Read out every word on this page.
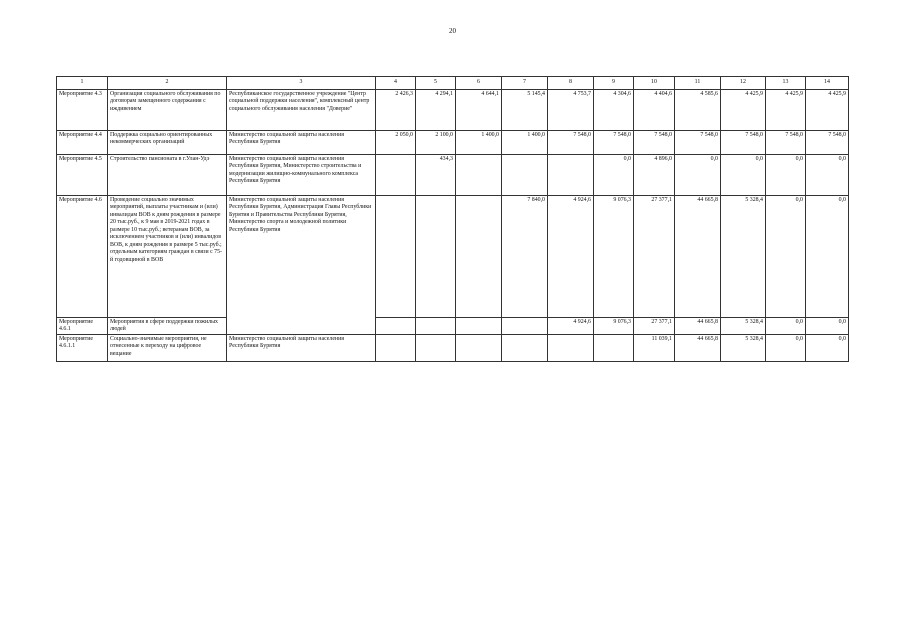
20
1	2	3	4	5	6	7	8	9	10	11	12	13	14
Мероприятие 4.3	Организация социального обслуживания по договорам замещенного содержания с иждивением	Республиканское государственное учреждение "Центр социальной поддержки населения", комплексный центр социального обслуживания населения "Доверие"	2 426,3	4 294,1	4 644,1	5 145,4	4 753,7	4 304,6	4 404,6	4 585,6	4 425,9	4 425,9	4 425,9
Мероприятие 4.4	Поддержка социально ориентированных некоммерческих организаций	Министерство социальной защиты населения Республики Бурятия	2 050,0	2 100,0	1 400,0	1 400,0	7 548,0	7 548,0	7 548,0	7 548,0	7 548,0	7 548,0	7 548,0
Мероприятие 4.5	Строительство пансионата в г.Улан-Удэ	Министерство социальной защиты населения Республики Бурятия, Министерство строительства и модернизации жилищно-коммунального комплекса Республики Бурятия		434,3				0,0	4 896,0	0,0	0,0	0,0	0,0
Мероприятие 4.6	Проведение социально значимых мероприятий, выплаты участникам и (или) инвалидам ВОВ к дням рождения в размере 20 тыс.руб., к 9 мая в 2019-2021 годах в размере 10 тыс.руб.; ветеранам ВОВ, за исключением участников и (или) инвалидов ВОВ, к дням рождения в размере 5 тыс.руб.; отдельным категориям граждан в связи с 75-й годовщиной в ВОВ	Министерство социальной защиты населения Республики Бурятия, Администрация Главы Республики Бурятия и Правительства Республики Бурятия, Министерство спорта и молодежной политики Республики Бурятия				7 840,0	4 924,6	9 076,3	27 377,1	44 665,8	5 328,4	0,0	0,0
Мероприятие 4.6.1	Мероприятия в сфере поддержки пожилых людей						4 924,6	9 076,3	27 377,1	44 665,8	5 328,4	0,0	0,0
Мероприятие 4.6.1.1	Социально-значимые мероприятия, не отнесенные к переходу на цифровое вещание	Министерство социальной защиты населения Республики Бурятия							11 039,1	44 665,8	5 328,4	0,0	0,0
